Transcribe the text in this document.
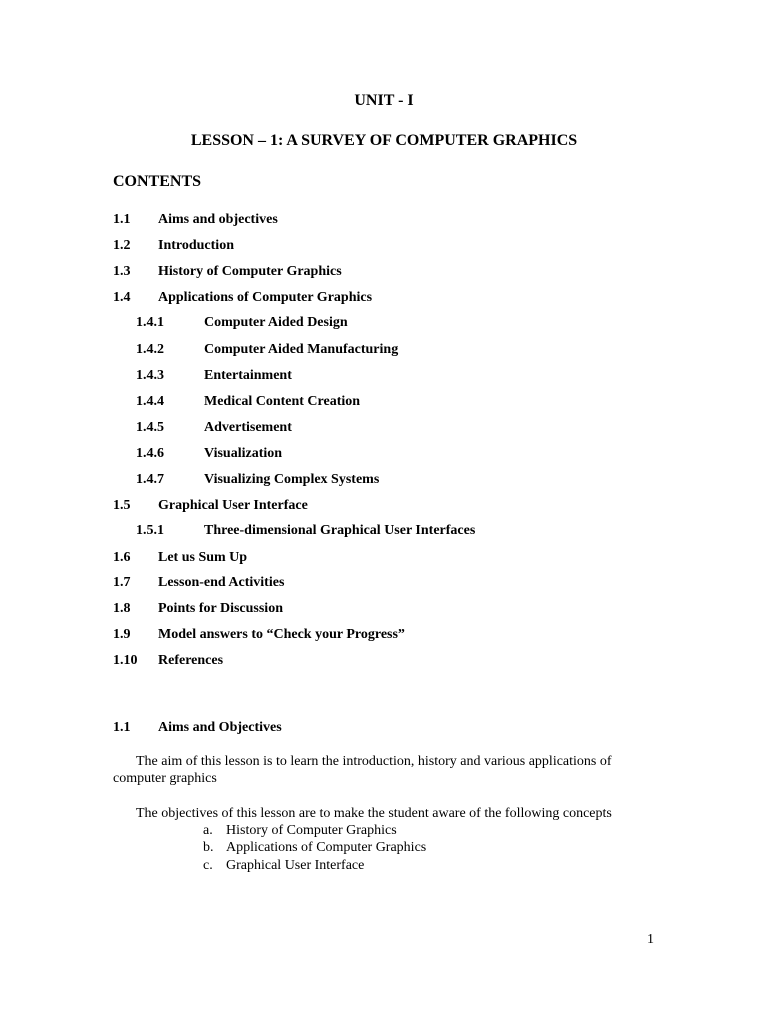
UNIT - I
LESSON – 1: A SURVEY OF COMPUTER GRAPHICS
CONTENTS
1.1 Aims and objectives
1.2 Introduction
1.3 History of Computer Graphics
1.4 Applications of Computer Graphics
1.4.1	Computer Aided Design
1.4.2	Computer Aided Manufacturing
1.4.3	Entertainment
1.4.4	Medical Content Creation
1.4.5	Advertisement
1.4.6	Visualization
1.4.7	Visualizing Complex Systems
1.5 Graphical User Interface
1.5.1	Three-dimensional Graphical User Interfaces
1.6 Let us Sum Up
1.7 Lesson-end Activities
1.8 Points for Discussion
1.9 Model answers to “Check your Progress”
1.10 References
1.1 Aims and Objectives
The aim of this lesson is to learn the introduction, history and various applications of
computer graphics
The objectives of this lesson are to make the student aware of the following concepts
a. History of Computer Graphics
b. Applications of Computer Graphics
c. Graphical User Interface
1
